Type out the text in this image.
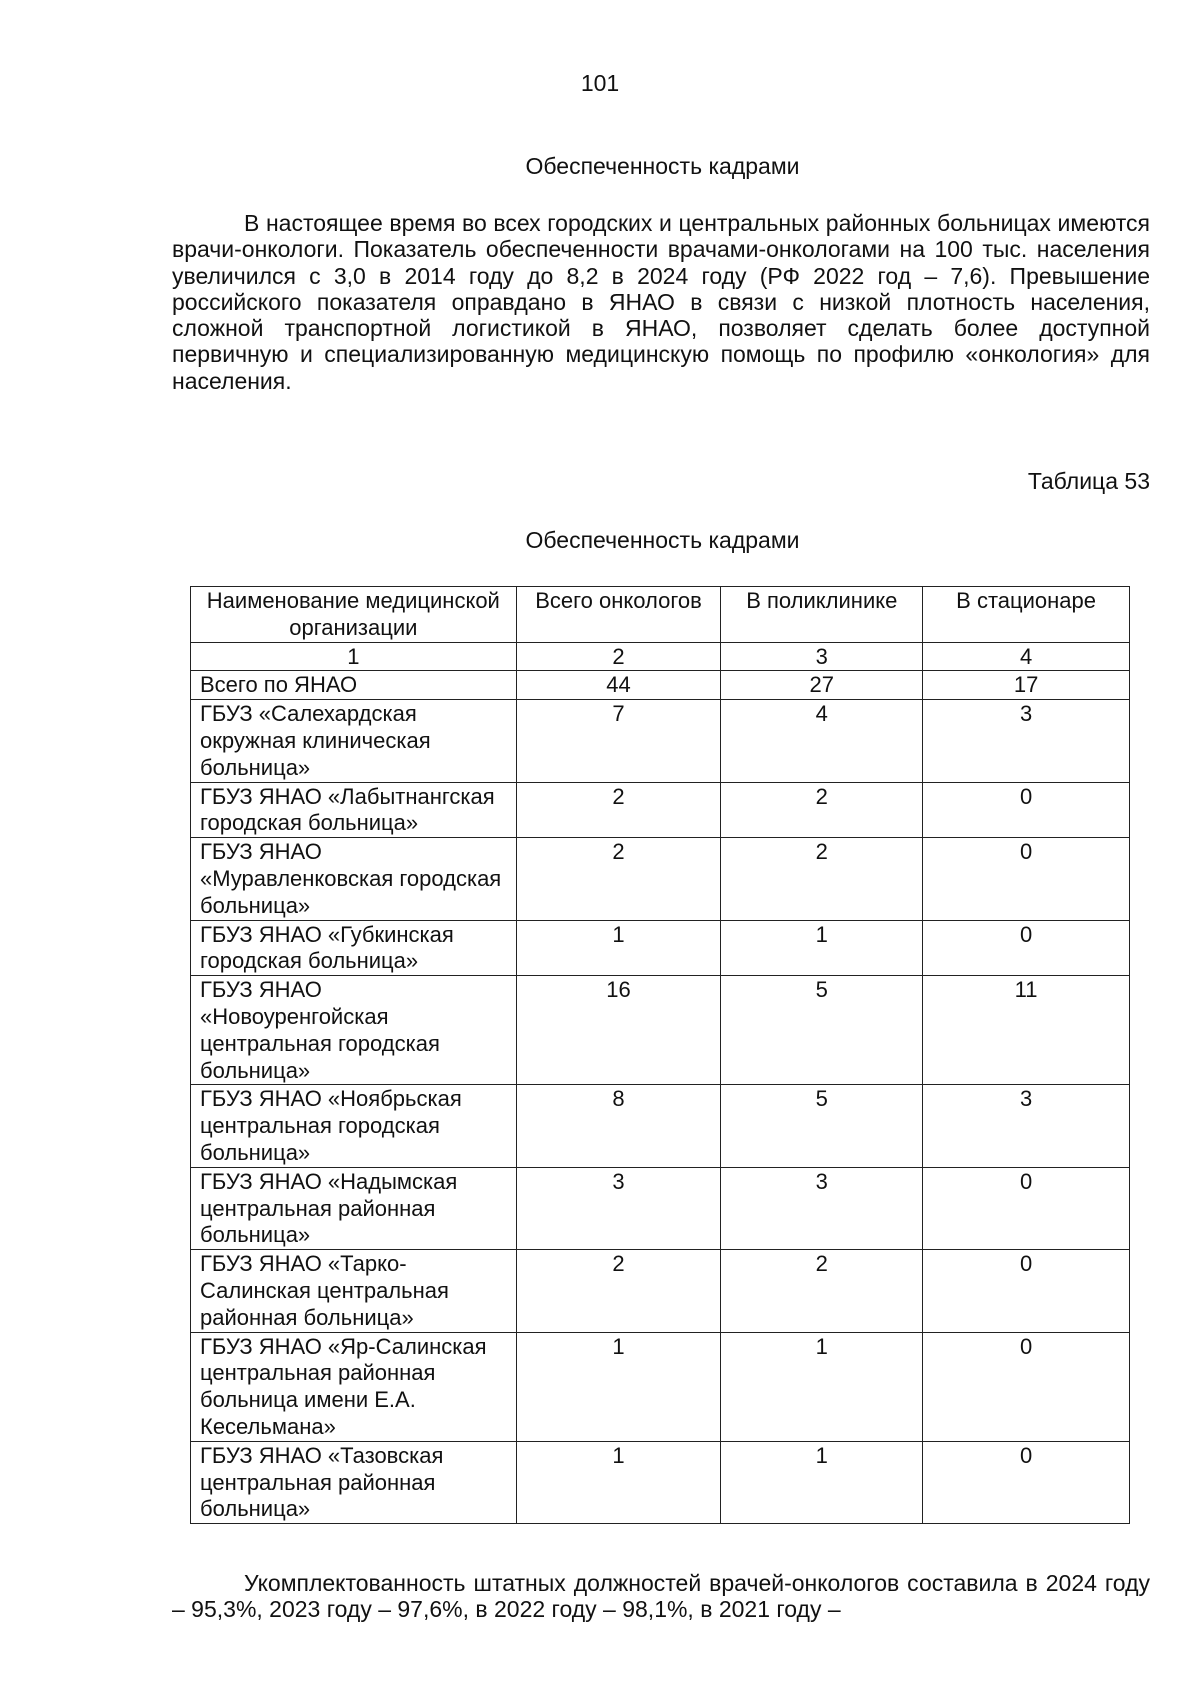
101
Обеспеченность кадрами

В настоящее время во всех городских и центральных районных больницах имеются врачи-онкологи. Показатель обеспеченности врачами-онкологами на 100 тыс. населения увеличился с 3,0 в 2014 году до 8,2 в 2024 году (РФ 2022 год – 7,6). Превышение российского показателя оправдано в ЯНАО в связи с низкой плотность населения, сложной транспортной логистикой в ЯНАО, позволяет сделать более доступной первичную и специализированную медицинскую помощь по профилю «онкология» для населения.

Таблица 53
Обеспеченность кадрами
Наименование медицинской организации	Всего онкологов	В поликлинике	В стационаре
1	2	3	4
Всего по ЯНАО	44	27	17
ГБУЗ «Салехардская окружная клиническая больница»	7	4	3
ГБУЗ ЯНАО «Лабытнангская городская больница»	2	2	0
ГБУЗ ЯНАО «Муравленковская городская больница»	2	2	0
ГБУЗ ЯНАО «Губкинская городская больница»	1	1	0
ГБУЗ ЯНАО «Новоуренгойская центральная городская больница»	16	5	11
ГБУЗ ЯНАО «Ноябрьская центральная городская больница»	8	5	3
ГБУЗ ЯНАО «Надымская центральная районная больница»	3	3	0
ГБУЗ ЯНАО «Тарко-Салинская центральная районная больница»	2	2	0
ГБУЗ ЯНАО «Яр-Салинская центральная районная больница имени Е.А. Кесельмана»	1	1	0
ГБУЗ ЯНАО «Тазовская центральная районная больница»	1	1	0

Укомплектованность штатных должностей врачей-онкологов составила в 2024 году – 95,3%, 2023 году – 97,6%, в 2022 году – 98,1%, в 2021 году –
